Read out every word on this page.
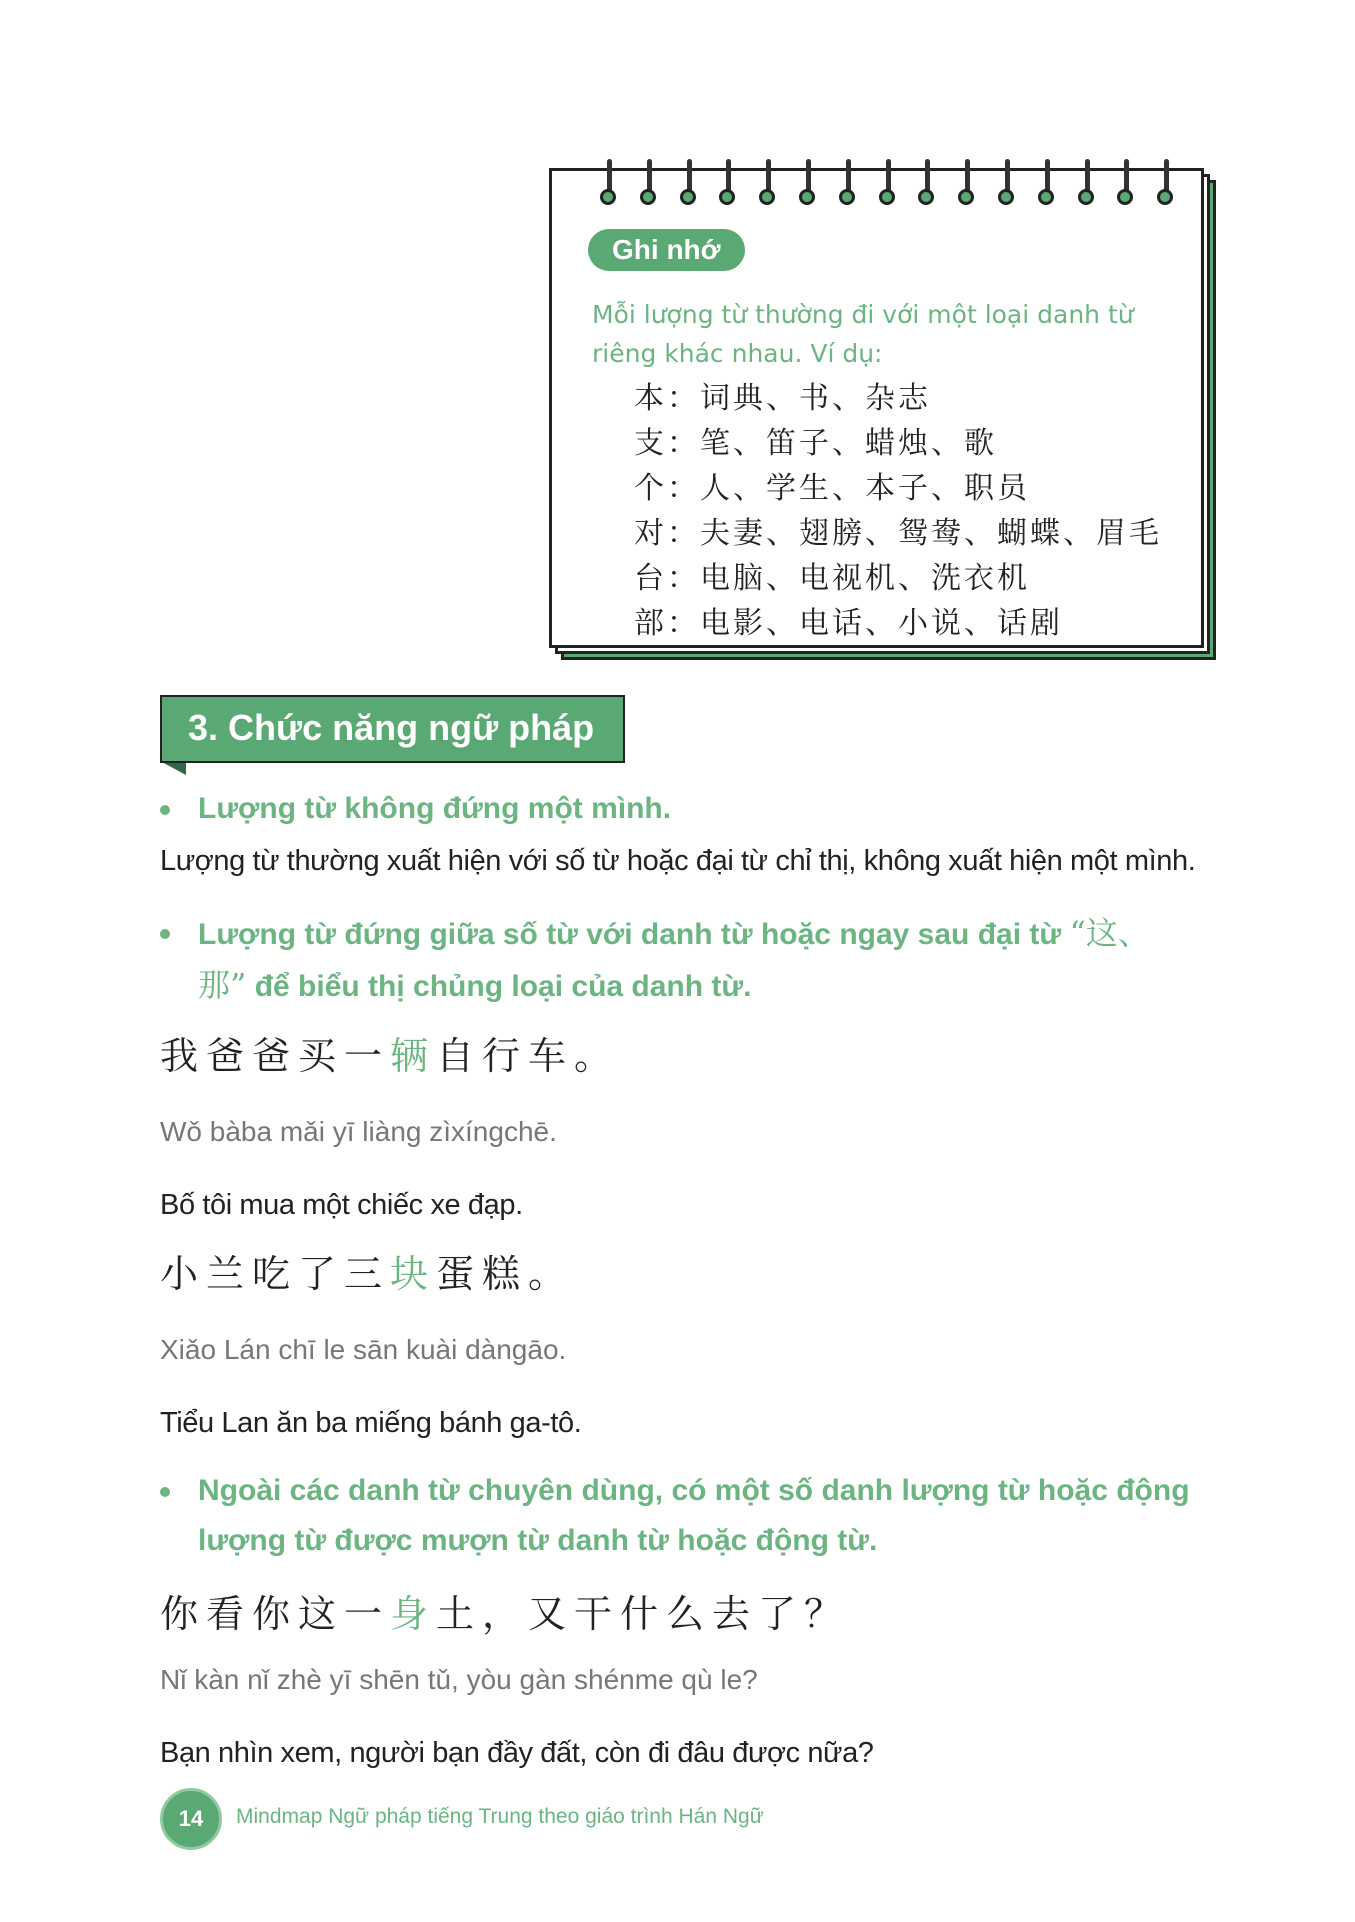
Ghi nhớ
Mỗi lượng từ thường đi với một loại danh từ riêng khác nhau. Ví dụ:
本：词典、书、杂志
支：笔、笛子、蜡烛、歌
个：人、学生、本子、职员
对：夫妻、翅膀、鸳鸯、蝴蝶、眉毛
台：电脑、电视机、洗衣机
部：电影、电话、小说、话剧
3. Chức năng ngữ pháp
Lượng từ không đứng một mình.
Lượng từ thường xuất hiện với số từ hoặc đại từ chỉ thị, không xuất hiện một mình.
Lượng từ đứng giữa số từ với danh từ hoặc ngay sau đại từ “这、
那” để biểu thị chủng loại của danh từ.
我爸爸买一辆自行车。
Wǒ bàba mǎi yī liàng zìxíngchē.
Bố tôi mua một chiếc xe đạp.
小兰吃了三块蛋糕。
Xiǎo Lán chī le sān kuài dàngāo.
Tiểu Lan ăn ba miếng bánh ga-tô.
Ngoài các danh từ chuyên dùng, có một số danh lượng từ hoặc động
lượng từ được mượn từ danh từ hoặc động từ.
你看你这一身土，又干什么去了？
Nǐ kàn nǐ zhè yī shēn tǔ, yòu gàn shénme qù le?
Bạn nhìn xem, người bạn đầy đất, còn đi đâu được nữa?
14	Mindmap Ngữ pháp tiếng Trung theo giáo trình Hán Ngữ
